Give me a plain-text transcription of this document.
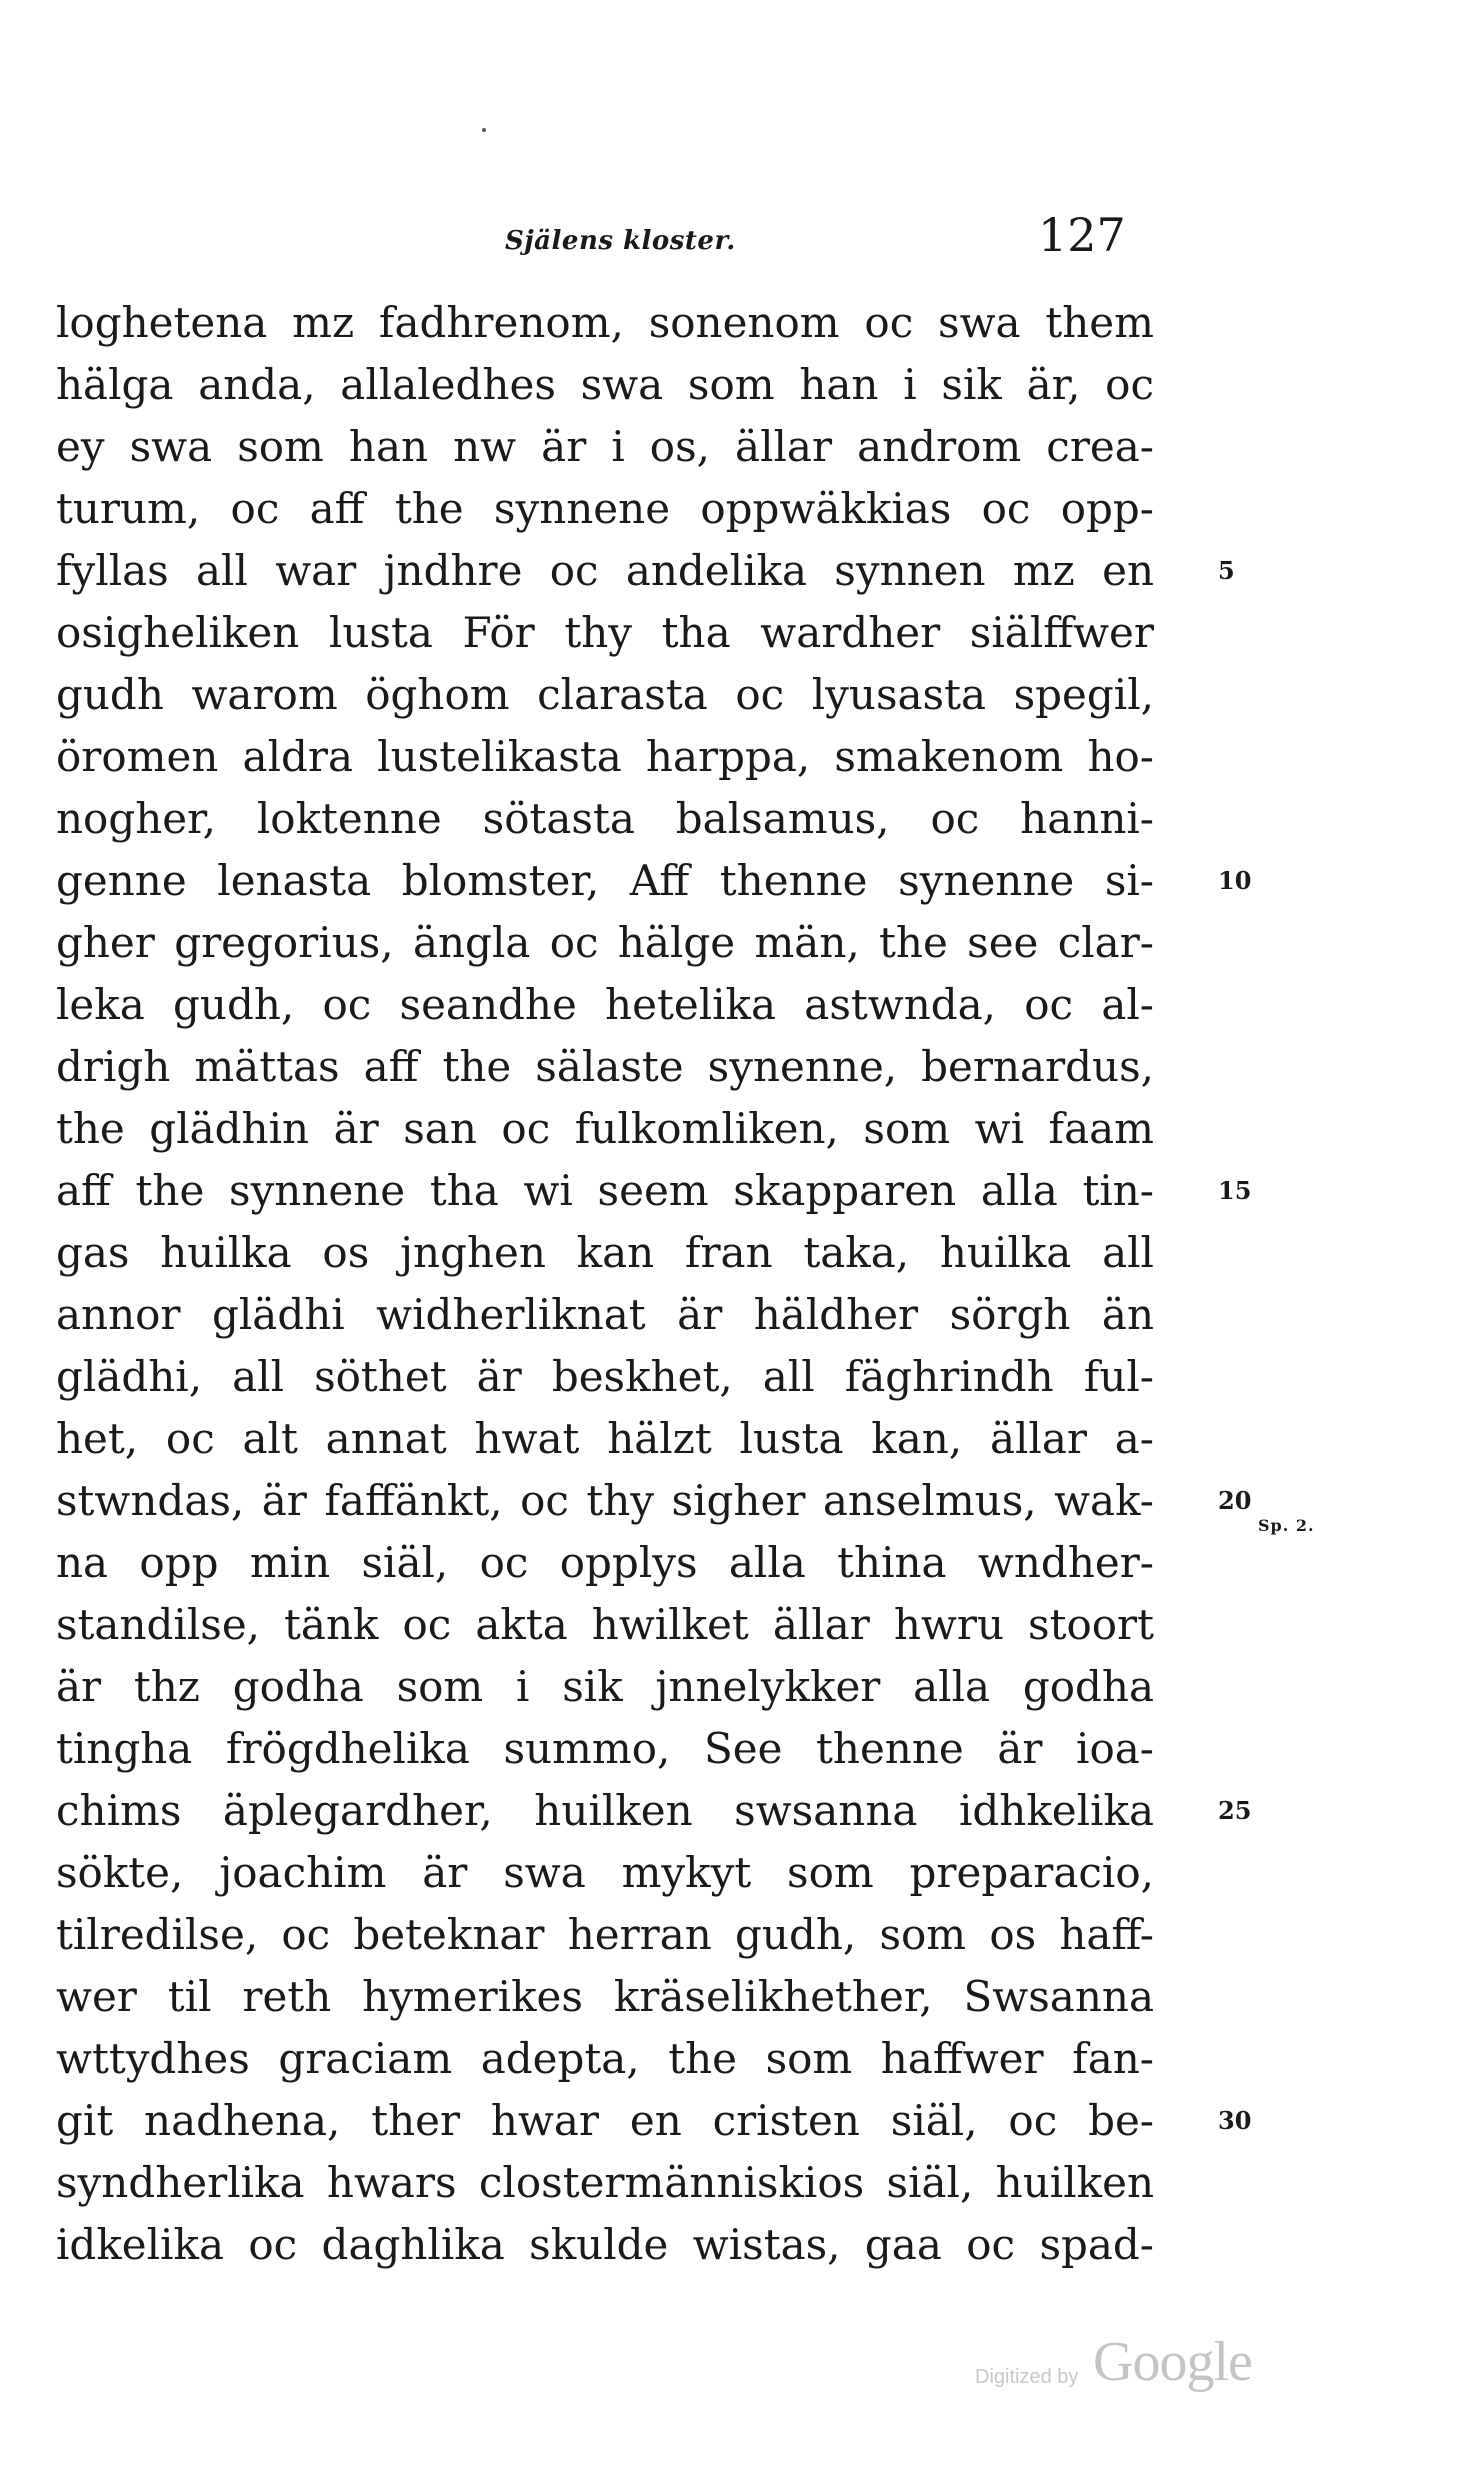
Själens kloster.	127
loghetena mz fadhrenom, sonenom oc swa them
hälga anda, allaledhes swa som han i sik är, oc
ey swa som han nw är i os, ällar androm crea-
turum, oc aff the synnene oppwäkkias oc opp-
fyllas all war jndhre oc andelika synnen mz en	5
osigheliken lusta För thy tha wardher siälffwer
gudh warom öghom clarasta oc lyusasta spegil,
öromen aldra lustelikasta harppa, smakenom ho-
nogher, loktenne sötasta balsamus, oc hanni-
genne lenasta blomster, Aff thenne synenne si-	10
gher gregorius, ängla oc hälge män, the see clar-
leka gudh, oc seandhe hetelika astwnda, oc al-
drigh mättas aff the sälaste synenne, bernardus,
the glädhin är san oc fulkomliken, som wi faam
aff the synnene tha wi seem skapparen alla tin-	15
gas huilka os jnghen kan fran taka, huilka all
annor glädhi widherliknat är häldher sörgh än
glädhi, all söthet är beskhet, all fäghrindh ful-
het, oc alt annat hwat hälzt lusta kan, ällar a-
stwndas, är faffänkt, oc thy sigher anselmus, wak-	20
na opp min siäl, oc opplys alla thina wndher-
standilse, tänk oc akta hwilket ällar hwru stoort
är thz godha som i sik jnnelykker alla godha
tingha frögdhelika summo, See thenne är ioa-
chims äplegardher, huilken swsanna idhkelika	25
sökte, joachim är swa mykyt som preparacio,
tilredilse, oc beteknar herran gudh, som os haff-
wer til reth hymerikes kräselikhether, Swsanna
wttydhes graciam adepta, the som haffwer fan-
git nadhena, ther hwar en cristen siäl, oc be-	30
syndherlika hwars clostermänniskios siäl, huilken
idkelika oc daghlika skulde wistas, gaa oc spad-
Sp. 2.
Digitized by Google
